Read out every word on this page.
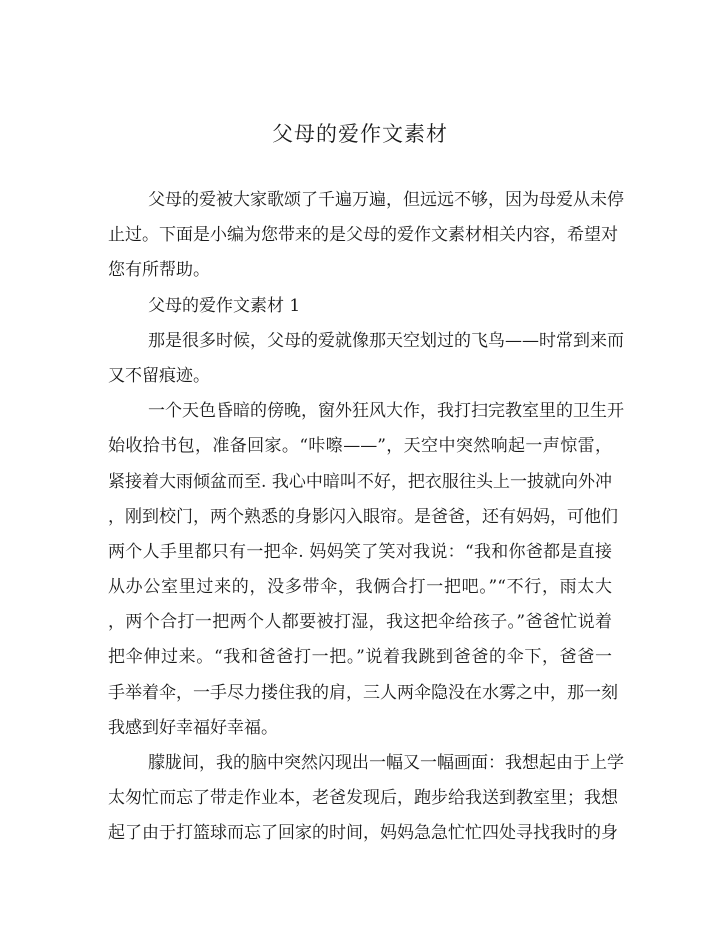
父母的爱作文素材

父母的爱被大家歌颂了千遍万遍，但远远不够，因为母爱从未停
止过。下面是小编为您带来的是父母的爱作文素材相关内容，希望对
您有所帮助。

父母的爱作文素材 1

那是很多时候，父母的爱就像那天空划过的飞鸟——时常到来而
又不留痕迹。

一个天色昏暗的傍晚，窗外狂风大作，我打扫完教室里的卫生开
始收拾书包，准备回家。“咔嚓——”，天空中突然响起一声惊雷，
紧接着大雨倾盆而至. 我心中暗叫不好，把衣服往头上一披就向外冲
，刚到校门，两个熟悉的身影闪入眼帘。是爸爸，还有妈妈，可他们
两个人手里都只有一把伞. 妈妈笑了笑对我说：“我和你爸都是直接
从办公室里过来的，没多带伞，我俩合打一把吧。”“不行，雨太大
，两个合打一把两个人都要被打湿，我这把伞给孩子。”爸爸忙说着
把伞伸过来。“我和爸爸打一把。”说着我跳到爸爸的伞下，爸爸一
手举着伞，一手尽力搂住我的肩，三人两伞隐没在水雾之中，那一刻
我感到好幸福好幸福。

朦胧间，我的脑中突然闪现出一幅又一幅画面：我想起由于上学
太匆忙而忘了带走作业本，老爸发现后，跑步给我送到教室里；我想
起了由于打篮球而忘了回家的时间，妈妈急急忙忙四处寻找我时的身
